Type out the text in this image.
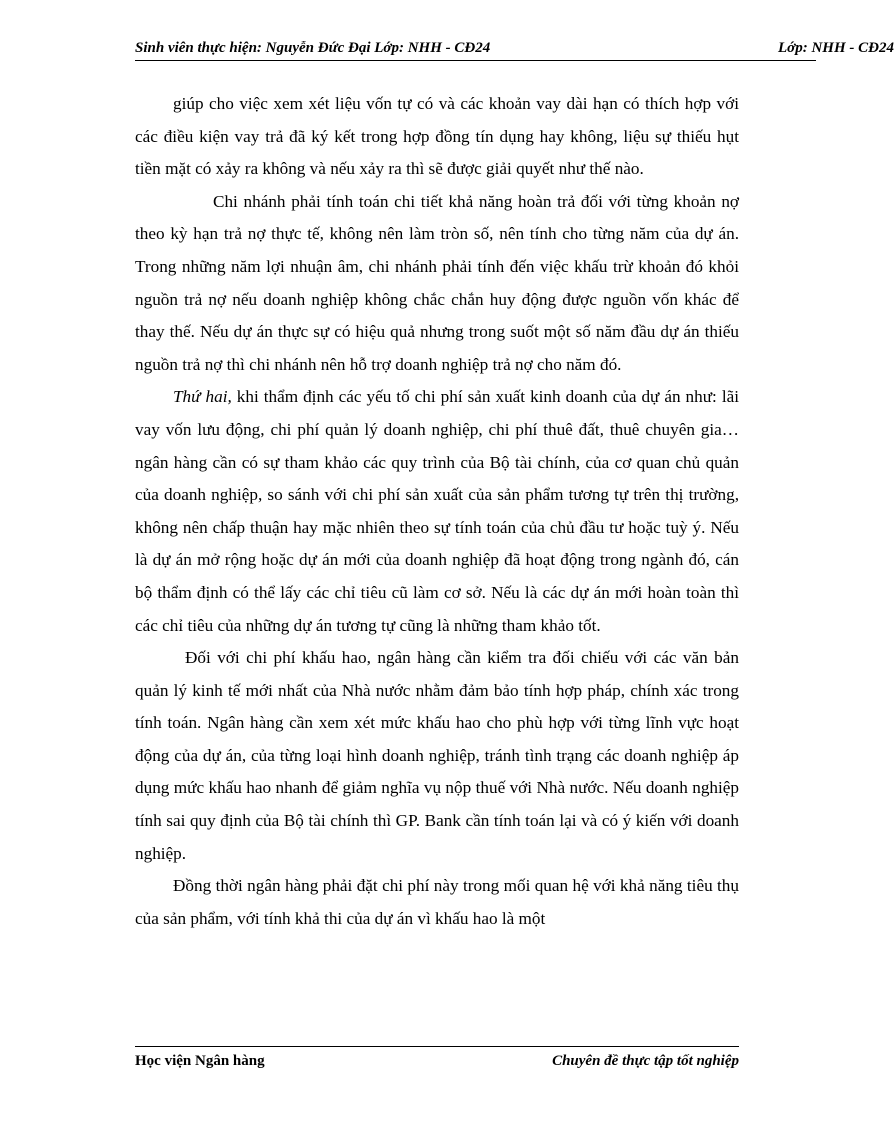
Sinh viên thực hiện: Nguyễn Đức Đại Lớp: NHH - CĐ24	Lớp: NHH - CĐ24

giúp cho việc xem xét liệu vốn tự có và các khoản vay dài hạn có thích hợp với các điều kiện vay trả đã ký kết trong hợp đồng tín dụng hay không, liệu sự thiếu hụt tiền mặt có xảy ra không và nếu xảy ra thì sẽ được giải quyết như thế nào.

Chi nhánh phải tính toán chi tiết khả năng hoàn trả đối với từng khoản nợ theo kỳ hạn trả nợ thực tế, không nên làm tròn số, nên tính cho từng năm của dự án. Trong những năm lợi nhuận âm, chi nhánh phải tính đến việc khấu trừ khoản đó khỏi nguồn trả nợ nếu doanh nghiệp không chắc chắn huy động được nguồn vốn khác để thay thế. Nếu dự án thực sự có hiệu quả nhưng trong suốt một số năm đầu dự án thiếu nguồn trả nợ thì chi nhánh nên hỗ trợ doanh nghiệp trả nợ cho năm đó.

Thứ hai, khi thẩm định các yếu tố chi phí sản xuất kinh doanh của dự án như: lãi vay vốn lưu động, chi phí quản lý doanh nghiệp, chi phí thuê đất, thuê chuyên gia… ngân hàng cần có sự tham khảo các quy trình của Bộ tài chính, của cơ quan chủ quản của doanh nghiệp, so sánh với chi phí sản xuất của sản phẩm tương tự trên thị trường, không nên chấp thuận hay mặc nhiên theo sự tính toán của chủ đầu tư hoặc tuỳ ý. Nếu là dự án mở rộng hoặc dự án mới của doanh nghiệp đã hoạt động trong ngành đó, cán bộ thẩm định có thể lấy các chỉ tiêu cũ làm cơ sở. Nếu là các dự án mới hoàn toàn thì các chỉ tiêu của những dự án tương tự cũng là những tham khảo tốt.

Đối với chi phí khấu hao, ngân hàng cần kiểm tra đối chiếu với các văn bản quản lý kinh tế mới nhất của Nhà nước nhằm đảm bảo tính hợp pháp, chính xác trong tính toán. Ngân hàng cần xem xét mức khấu hao cho phù hợp với từng lĩnh vực hoạt động của dự án, của từng loại hình doanh nghiệp, tránh tình trạng các doanh nghiệp áp dụng mức khấu hao nhanh để giảm nghĩa vụ nộp thuế với Nhà nước. Nếu doanh nghiệp tính sai quy định của Bộ tài chính thì GP. Bank cần tính toán lại và có ý kiến với doanh nghiệp.

Đồng thời ngân hàng phải đặt chi phí này trong mối quan hệ với khả năng tiêu thụ của sản phẩm, với tính khả thi của dự án vì khấu hao là một

Học viện Ngân hàng	Chuyên đề thực tập tốt nghiệp
